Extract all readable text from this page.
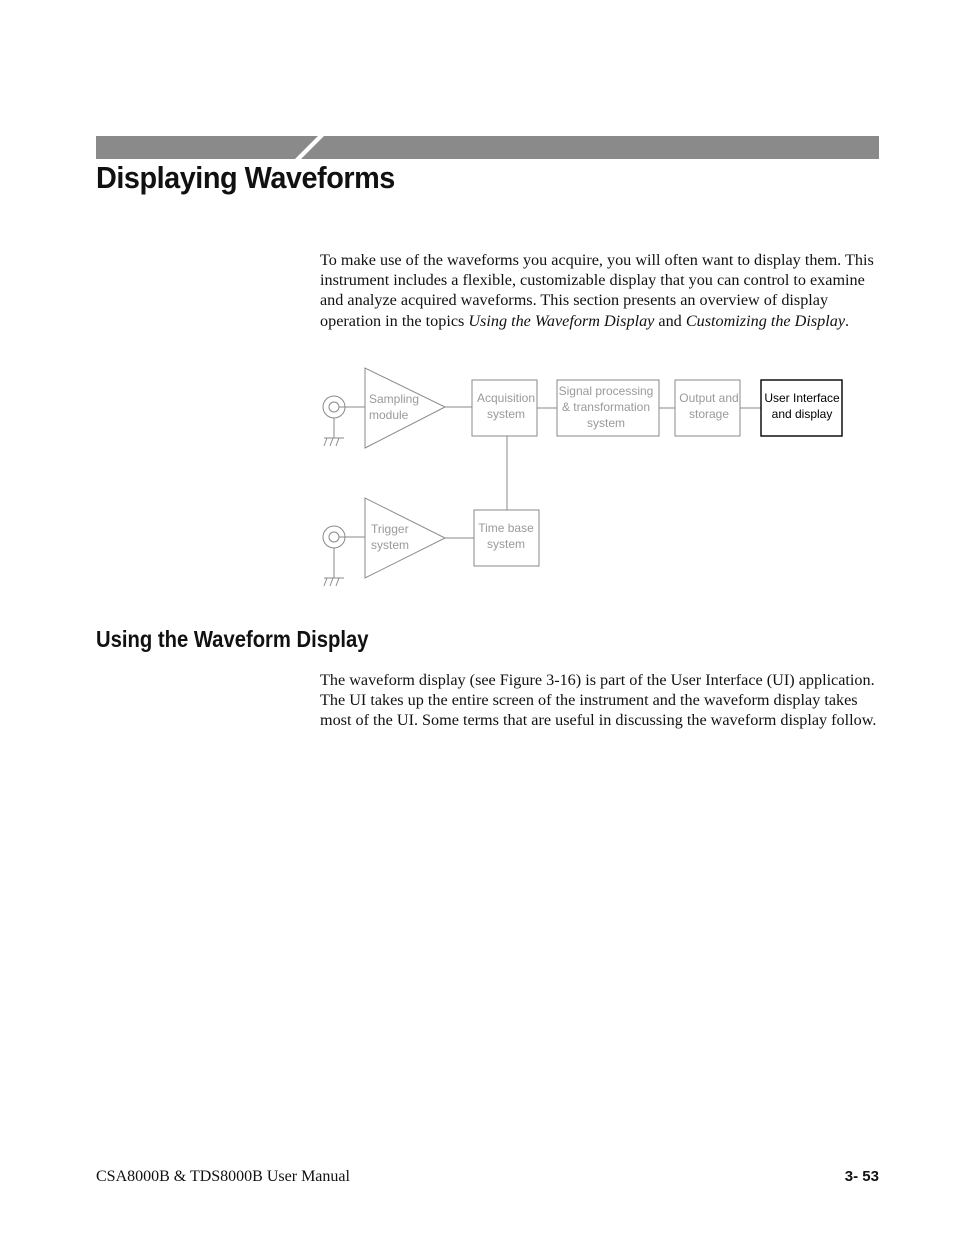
Displaying Waveforms

To make use of the waveforms you acquire, you will often want to display them. This instrument includes a flexible, customizable display that you can control to examine and analyze acquired waveforms. This section presents an overview of display operation in the topics Using the Waveform Display and Customizing the Display.

Sampling
module
Trigger
system
Acquisition
system
Signal processing
& transformation
system
Output and
storage
User Interface
and display
Time base
system
Using the Waveform Display

The waveform display (see Figure 3-16) is part of the User Interface (UI) application. The UI takes up the entire screen of the instrument and the waveform display takes most of the UI. Some terms that are useful in discussing the waveform display follow.

CSA8000B & TDS8000B User Manual	3- 53
